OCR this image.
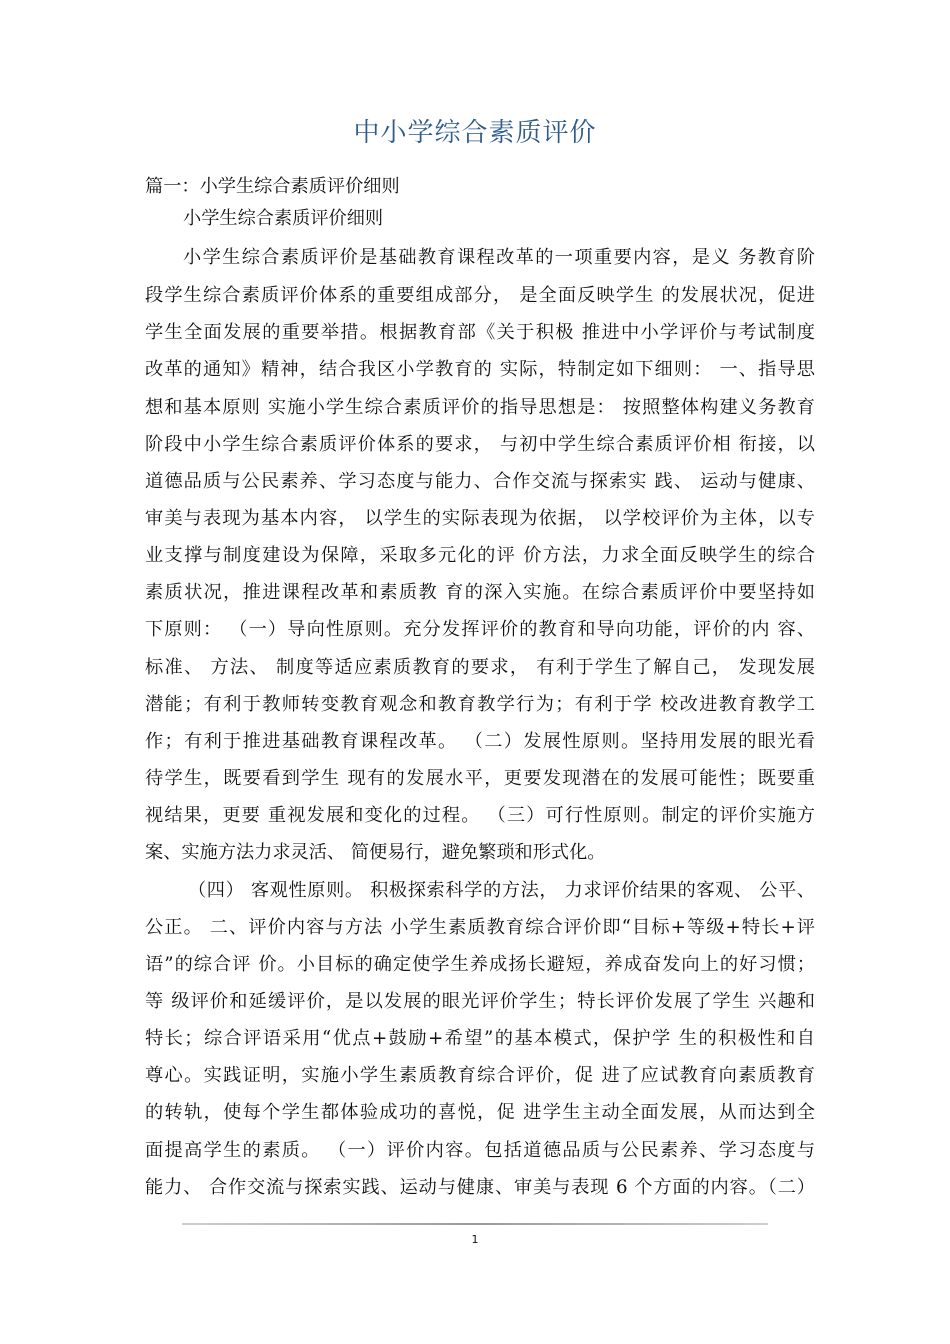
中小学综合素质评价
篇一：小学生综合素质评价细则
小学生综合素质评价细则
小学生综合素质评价是基础教育课程改革的一项重要内容，是义 务教育阶
段学生综合素质评价体系的重要组成部分， 是全面反映学生 的发展状况，促进
学生全面发展的重要举措。根据教育部《关于积极 推进中小学评价与考试制度
改革的通知》精神，结合我区小学教育的 实际，特制定如下细则： 一、指导思
想和基本原则 实施小学生综合素质评价的指导思想是： 按照整体构建义务教育
阶段中小学生综合素质评价体系的要求， 与初中学生综合素质评价相 衔接，以
道德品质与公民素养、学习态度与能力、合作交流与探索实 践、 运动与健康、
审美与表现为基本内容， 以学生的实际表现为依据， 以学校评价为主体，以专
业支撑与制度建设为保障，采取多元化的评 价方法，力求全面反映学生的综合
素质状况，推进课程改革和素质教 育的深入实施。在综合素质评价中要坚持如
下原则： （一）导向性原则。充分发挥评价的教育和导向功能，评价的内 容、
标准、 方法、 制度等适应素质教育的要求， 有利于学生了解自己， 发现发展
潜能；有利于教师转变教育观念和教育教学行为；有利于学 校改进教育教学工
作；有利于推进基础教育课程改革。 （二）发展性原则。坚持用发展的眼光看
待学生，既要看到学生 现有的发展水平，更要发现潜在的发展可能性；既要重
视结果，更要 重视发展和变化的过程。 （三）可行性原则。制定的评价实施方
案、实施方法力求灵活、 简便易行，避免繁琐和形式化。
（四） 客观性原则。 积极探索科学的方法， 力求评价结果的客观、 公平、
公正。 二、评价内容与方法 小学生素质教育综合评价即“目标+等级+特长+评
语”的综合评 价。小目标的确定使学生养成扬长避短，养成奋发向上的好习惯；
等 级评价和延缓评价，是以发展的眼光评价学生；特长评价发展了学生 兴趣和
特长；综合评语采用“优点+鼓励+希望”的基本模式，保护学 生的积极性和自
尊心。实践证明，实施小学生素质教育综合评价，促 进了应试教育向素质教育
的转轨，使每个学生都体验成功的喜悦，促 进学生主动全面发展，从而达到全
面提高学生的素质。 （一）评价内容。包括道德品质与公民素养、学习态度与
能力、 合作交流与探索实践、运动与健康、审美与表现 6 个方面的内容。（二）
1
